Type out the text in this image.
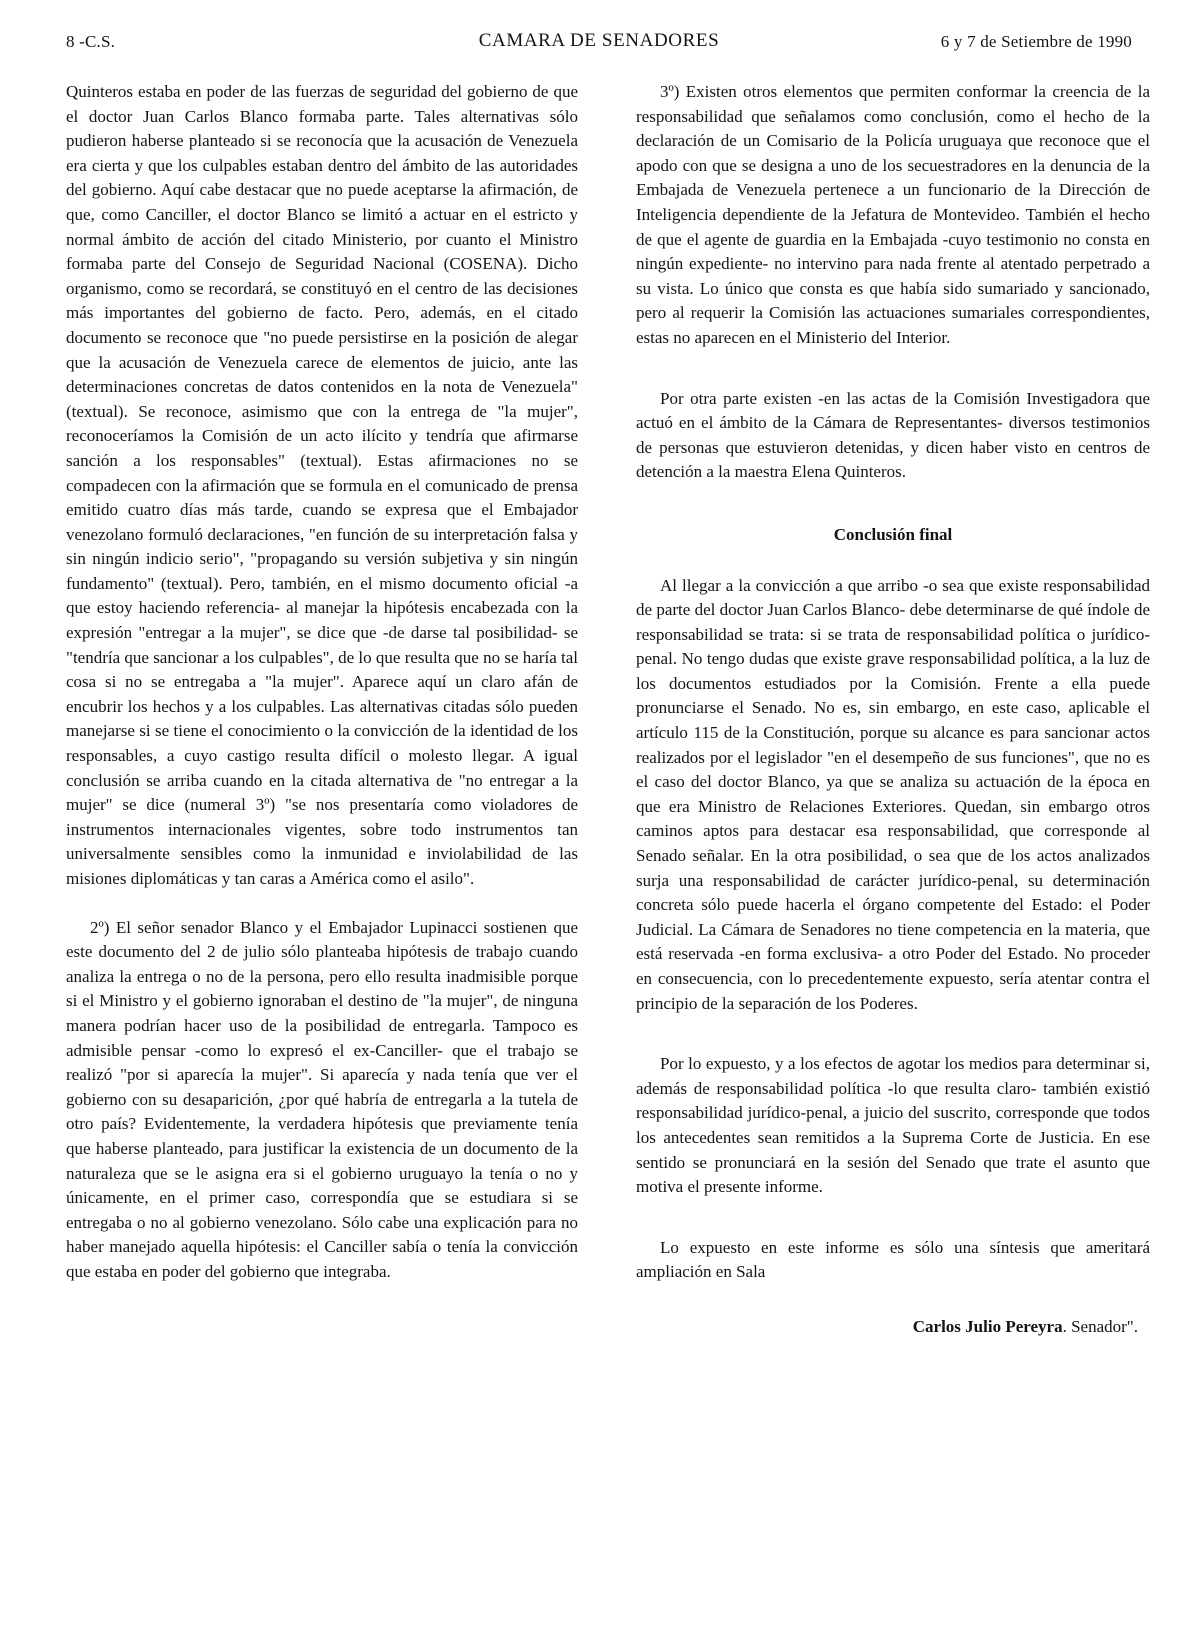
8 -C.S.	CAMARA DE SENADORES	6 y 7 de Setiembre de 1990

Quinteros estaba en poder de las fuerzas de seguridad del gobierno de que el doctor Juan Carlos Blanco formaba parte. Tales alternativas sólo pudieron haberse planteado si se reconocía que la acusación de Venezuela era cierta y que los culpables estaban dentro del ámbito de las autoridades del gobierno. Aquí cabe destacar que no puede aceptarse la afirmación, de que, como Canciller, el doctor Blanco se limitó a actuar en el estricto y normal ámbito de acción del citado Ministerio, por cuanto el Ministro formaba parte del Consejo de Seguridad Nacional (COSENA). Dicho organismo, como se recordará, se constituyó en el centro de las decisiones más importantes del gobierno de facto. Pero, además, en el citado documento se reconoce que "no puede persistirse en la posición de alegar que la acusación de Venezuela carece de elementos de juicio, ante las determinaciones concretas de datos contenidos en la nota de Venezuela" (textual). Se reconoce, asimismo que con la entrega de "la mujer", reconoceríamos la Comisión de un acto ilícito y tendría que afirmarse sanción a los responsables" (textual). Estas afirmaciones no se compadecen con la afirmación que se formula en el comunicado de prensa emitido cuatro días más tarde, cuando se expresa que el Embajador venezolano formuló declaraciones, "en función de su interpretación falsa y sin ningún indicio serio", "propagando su versión subjetiva y sin ningún fundamento" (textual). Pero, también, en el mismo documento oficial -a que estoy haciendo referencia- al manejar la hipótesis encabezada con la expresión "entregar a la mujer", se dice que -de darse tal posibilidad- se "tendría que sancionar a los culpables", de lo que resulta que no se haría tal cosa si no se entregaba a "la mujer". Aparece aquí un claro afán de encubrir los hechos y a los culpables. Las alternativas citadas sólo pueden manejarse si se tiene el conocimiento o la convicción de la identidad de los responsables, a cuyo castigo resulta difícil o molesto llegar. A igual conclusión se arriba cuando en la citada alternativa de "no entregar a la mujer" se dice (numeral 3º) "se nos presentaría como violadores de instrumentos internacionales vigentes, sobre todo instrumentos tan universalmente sensibles como la inmunidad e inviolabilidad de las misiones diplomáticas y tan caras a América como el asilo".

2º) El señor senador Blanco y el Embajador Lupinacci sostienen que este documento del 2 de julio sólo planteaba hipótesis de trabajo cuando analiza la entrega o no de la persona, pero ello resulta inadmisible porque si el Ministro y el gobierno ignoraban el destino de "la mujer", de ninguna manera podrían hacer uso de la posibilidad de entregarla. Tampoco es admisible pensar -como lo expresó el ex-Canciller- que el trabajo se realizó "por si aparecía la mujer". Si aparecía y nada tenía que ver el gobierno con su desaparición, ¿por qué habría de entregarla a la tutela de otro país? Evidentemente, la verdadera hipótesis que previamente tenía que haberse planteado, para justificar la existencia de un documento de la naturaleza que se le asigna era si el gobierno uruguayo la tenía o no y únicamente, en el primer caso, correspondía que se estudiara si se entregaba o no al gobierno venezolano. Sólo cabe una explicación para no haber manejado aquella hipótesis: el Canciller sabía o tenía la convicción que estaba en poder del gobierno que integraba.

3º) Existen otros elementos que permiten conformar la creencia de la responsabilidad que señalamos como conclusión, como el hecho de la declaración de un Comisario de la Policía uruguaya que reconoce que el apodo con que se designa a uno de los secuestradores en la denuncia de la Embajada de Venezuela pertenece a un funcionario de la Dirección de Inteligencia dependiente de la Jefatura de Montevideo. También el hecho de que el agente de guardia en la Embajada -cuyo testimonio no consta en ningún expediente- no intervino para nada frente al atentado perpetrado a su vista. Lo único que consta es que había sido sumariado y sancionado, pero al requerir la Comisión las actuaciones sumariales correspondientes, estas no aparecen en el Ministerio del Interior.

Por otra parte existen -en las actas de la Comisión Investigadora que actuó en el ámbito de la Cámara de Representantes- diversos testimonios de personas que estuvieron detenidas, y dicen haber visto en centros de detención a la maestra Elena Quinteros.

Conclusión final

Al llegar a la convicción a que arribo -o sea que existe responsabilidad de parte del doctor Juan Carlos Blanco- debe determinarse de qué índole de responsabilidad se trata: si se trata de responsabilidad política o jurídico-penal. No tengo dudas que existe grave responsabilidad política, a la luz de los documentos estudiados por la Comisión. Frente a ella puede pronunciarse el Senado. No es, sin embargo, en este caso, aplicable el artículo 115 de la Constitución, porque su alcance es para sancionar actos realizados por el legislador "en el desempeño de sus funciones", que no es el caso del doctor Blanco, ya que se analiza su actuación de la época en que era Ministro de Relaciones Exteriores. Quedan, sin embargo otros caminos aptos para destacar esa responsabilidad, que corresponde al Senado señalar. En la otra posibilidad, o sea que de los actos analizados surja una responsabilidad de carácter jurídico-penal, su determinación concreta sólo puede hacerla el órgano competente del Estado: el Poder Judicial. La Cámara de Senadores no tiene competencia en la materia, que está reservada -en forma exclusiva- a otro Poder del Estado. No proceder en consecuencia, con lo precedentemente expuesto, sería atentar contra el principio de la separación de los Poderes.

Por lo expuesto, y a los efectos de agotar los medios para determinar si, además de responsabilidad política -lo que resulta claro- también existió responsabilidad jurídico-penal, a juicio del suscrito, corresponde que todos los antecedentes sean remitidos a la Suprema Corte de Justicia. En ese sentido se pronunciará en la sesión del Senado que trate el asunto que motiva el presente informe.

Lo expuesto en este informe es sólo una síntesis que ameritará ampliación en Sala

Carlos Julio Pereyra. Senador".
